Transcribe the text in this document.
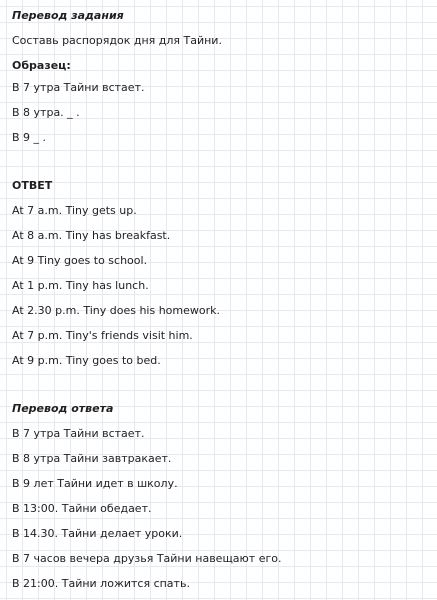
Перевод задания

Составь распорядок дня для Тайни.

Образец:

В 7 утра Тайни встает.

В 8 утра. _ .

В 9 _ .

ОТВЕТ

At 7 a.m. Tiny gets up.

At 8 a.m. Tiny has breakfast.

At 9 Tiny goes to school.

At 1 p.m. Tiny has lunch.

At 2.30 p.m. Tiny does his homework.

At 7 p.m. Tiny's friends visit him.

At 9 p.m. Tiny goes to bed.

Перевод ответа

В 7 утра Тайни встает.

В 8 утра Тайни завтракает.

В 9 лет Тайни идет в школу.

В 13:00. Тайни обедает.

В 14.30. Тайни делает уроки.

В 7 часов вечера друзья Тайни навещают его.

В 21:00. Тайни ложится спать.
